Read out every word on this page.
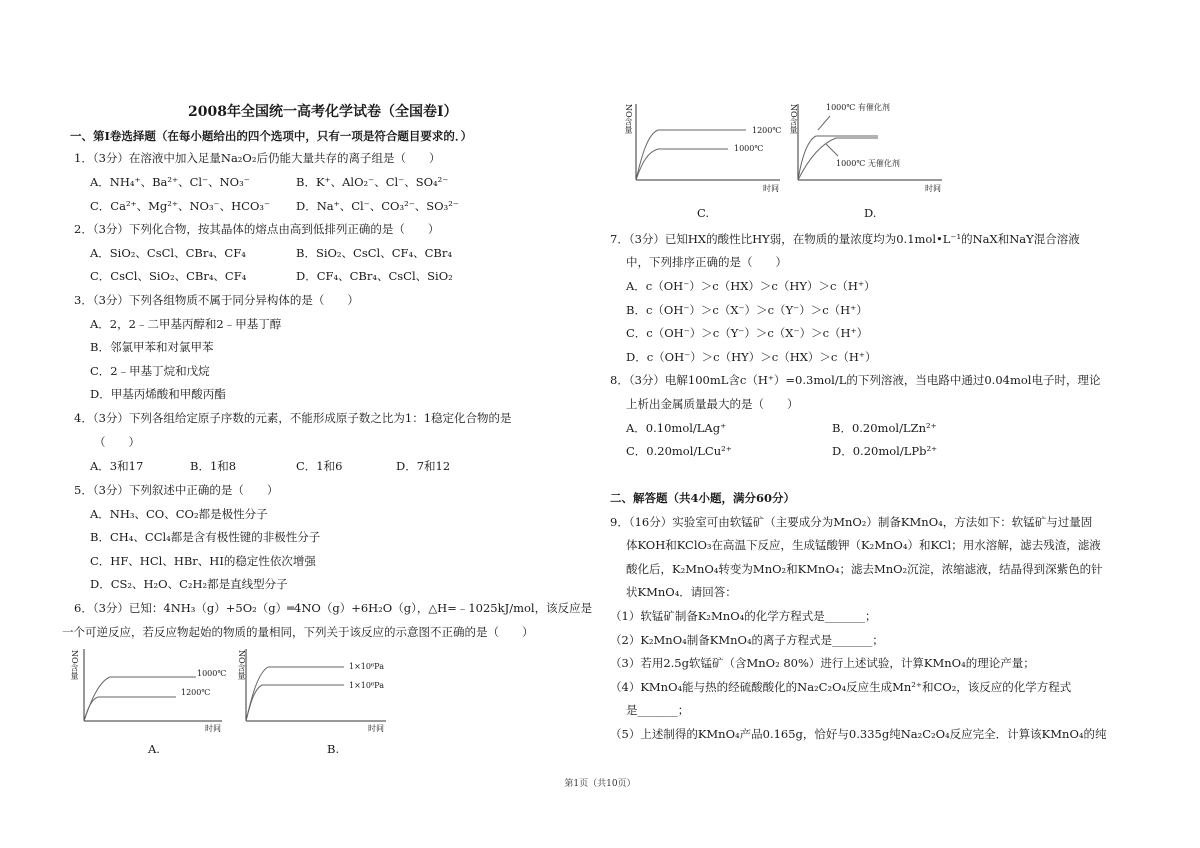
2008年全国统一高考化学试卷（全国卷Ⅰ）
一、第Ⅰ卷选择题（在每小题给出的四个选项中，只有一项是符合题目要求的．）
1．（3分）在溶液中加入足量Na₂O₂后仍能大量共存的离子组是（　　）
A．NH₄⁺、Ba²⁺、Cl⁻、NO₃⁻	B．K⁺、AlO₂⁻、Cl⁻、SO₄²⁻
C．Ca²⁺、Mg²⁺、NO₃⁻、HCO₃⁻ D．Na⁺、Cl⁻、CO₃²⁻、SO₃²⁻
2．（3分）下列化合物，按其晶体的熔点由高到低排列正确的是（　　）
A．SiO₂、CsCl、CBr₄、CF₄	B．SiO₂、CsCl、CF₄、CBr₄
C．CsCl、SiO₂、CBr₄、CF₄	D．CF₄、CBr₄、CsCl、SiO₂
3．（3分）下列各组物质不属于同分异构体的是（　　）
A．2，2﹣二甲基丙醇和2﹣甲基丁醇
B．邻氯甲苯和对氯甲苯
C．2﹣甲基丁烷和戊烷
D．甲基丙烯酸和甲酸丙酯
4．（3分）下列各组给定原子序数的元素，不能形成原子数之比为1：1稳定化合物的是
（　　）
A．3和17	B．1和8	C．1和6	D．7和12
5．（3分）下列叙述中正确的是（　　）
A．NH₃、CO、CO₂都是极性分子
B．CH₄、CCl₄都是含有极性键的非极性分子
C．HF、HCl、HBr、HI的稳定性依次增强
D．CS₂、H₂O、C₂H₂都是直线型分子
6．（3分）已知：4NH₃（g）+5O₂（g）═4NO（g）+6H₂O（g），△H=﹣1025kJ/mol，该反应是
一个可逆反应，若反应物起始的物质的量相同，下列关于该反应的示意图不正确的是（　　）
NO含量	1000℃
1200℃
时间
A.
NO含量	1×10⁶Pa
1×10⁶Pa
时间
B.
NO含量	1200℃
1000℃
时间
C.
NO含量	1000℃ 有催化剂
1000℃ 无催化剂
时间
D.
7．（3分）已知HX的酸性比HY弱，在物质的量浓度均为0.1mol•L⁻¹的NaX和NaY混合溶液
中，下列排序正确的是（　　）
A．c（OH⁻）＞c（HX）＞c（HY）＞c（H⁺）
B．c（OH⁻）＞c（X⁻）＞c（Y⁻）＞c（H⁺）
C．c（OH⁻）＞c（Y⁻）＞c（X⁻）＞c（H⁺）
D．c（OH⁻）＞c（HY）＞c（HX）＞c（H⁺）
8．（3分）电解100mL含c（H⁺）=0.3mol/L的下列溶液，当电路中通过0.04mol电子时，理论
上析出金属质量最大的是（　　）
A．0.10mol/LAg⁺	B．0.20mol/LZn²⁺
C．0.20mol/LCu²⁺	D．0.20mol/LPb²⁺
二、解答题（共4小题，满分60分）
9．（16分）实验室可由软锰矿（主要成分为MnO₂）制备KMnO₄，方法如下：软锰矿与过量固
体KOH和KClO₃在高温下反应，生成锰酸钾（K₂MnO₄）和KCl；用水溶解，滤去残渣，滤液
酸化后，K₂MnO₄转变为MnO₂和KMnO₄；滤去MnO₂沉淀，浓缩滤液，结晶得到深紫色的针
状KMnO₄．请回答：
（1）软锰矿制备K₂MnO₄的化学方程式是_______；
（2）K₂MnO₄制备KMnO₄的离子方程式是_______；
（3）若用2.5g软锰矿（含MnO₂ 80%）进行上述试验，计算KMnO₄的理论产量；
（4）KMnO₄能与热的经硫酸酸化的Na₂C₂O₄反应生成Mn²⁺和CO₂，该反应的化学方程式
是_______；
（5）上述制得的KMnO₄产品0.165g，恰好与0.335g纯Na₂C₂O₄反应完全．计算该KMnO₄的纯
第1页（共10页）
